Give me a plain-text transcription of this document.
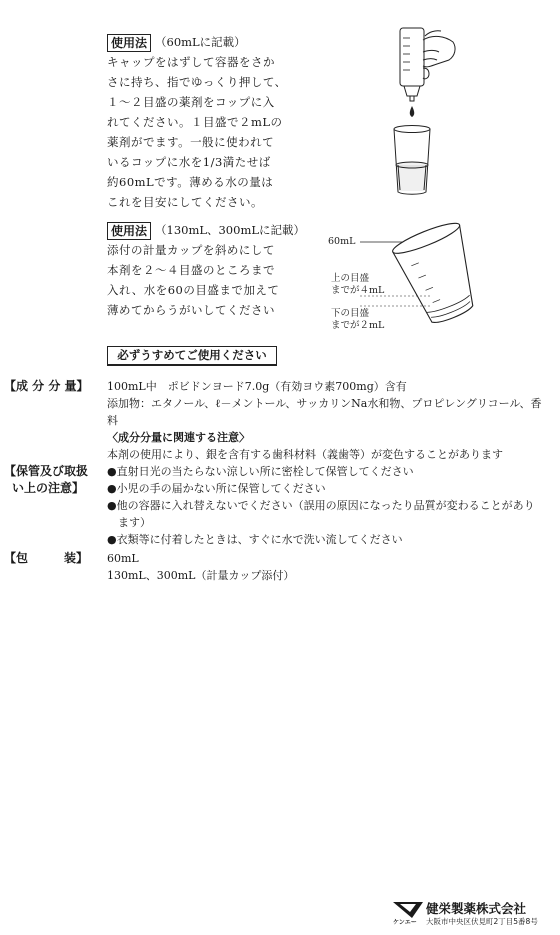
使用法 （60mLに記載）
キャップをはずして容器をさか
さに持ち、指でゆっくり押して、
１～２目盛の薬剤をコップに入
れてください。１目盛で２mLの
薬剤がでます。一般に使われて
いるコップに水を1/3満たせば
約60mLです。薄める水の量は
これを目安にしてください。
使用法 （130mL、300mLに記載）
添付の計量カップを斜めにして
本剤を２～４目盛のところまで
入れ、水を60の目盛まで加えて
薄めてからうがいしてください
60mL
上の目盛
までが４mL
下の目盛
までが２mL
必ずうすめてご使用ください
【成 分 分 量】	100mL中　ポビドンヨード7.0g（有効ヨウ素700mg）含有
添加物：エタノール、ℓ－メントール、サッカリンNa水和物、プロピレングリコール、香
料
〈成分分量に関連する注意〉
本剤の使用により、銀を含有する歯科材料（義歯等）が変色することがあります
【保管及び取扱
い上の注意】
●直射日光の当たらない涼しい所に密栓して保管してください
●小児の手の届かない所に保管してください
●他の容器に入れ替えないでください（誤用の原因になったり品質が変わることがあり
　ます）
●衣類等に付着したときは、すぐに水で洗い流してください
【包　　　装】	60mL
130mL、300mL（計量カップ添付）
ケンエー
健栄製薬株式会社
大阪市中央区伏見町2丁目5番8号
